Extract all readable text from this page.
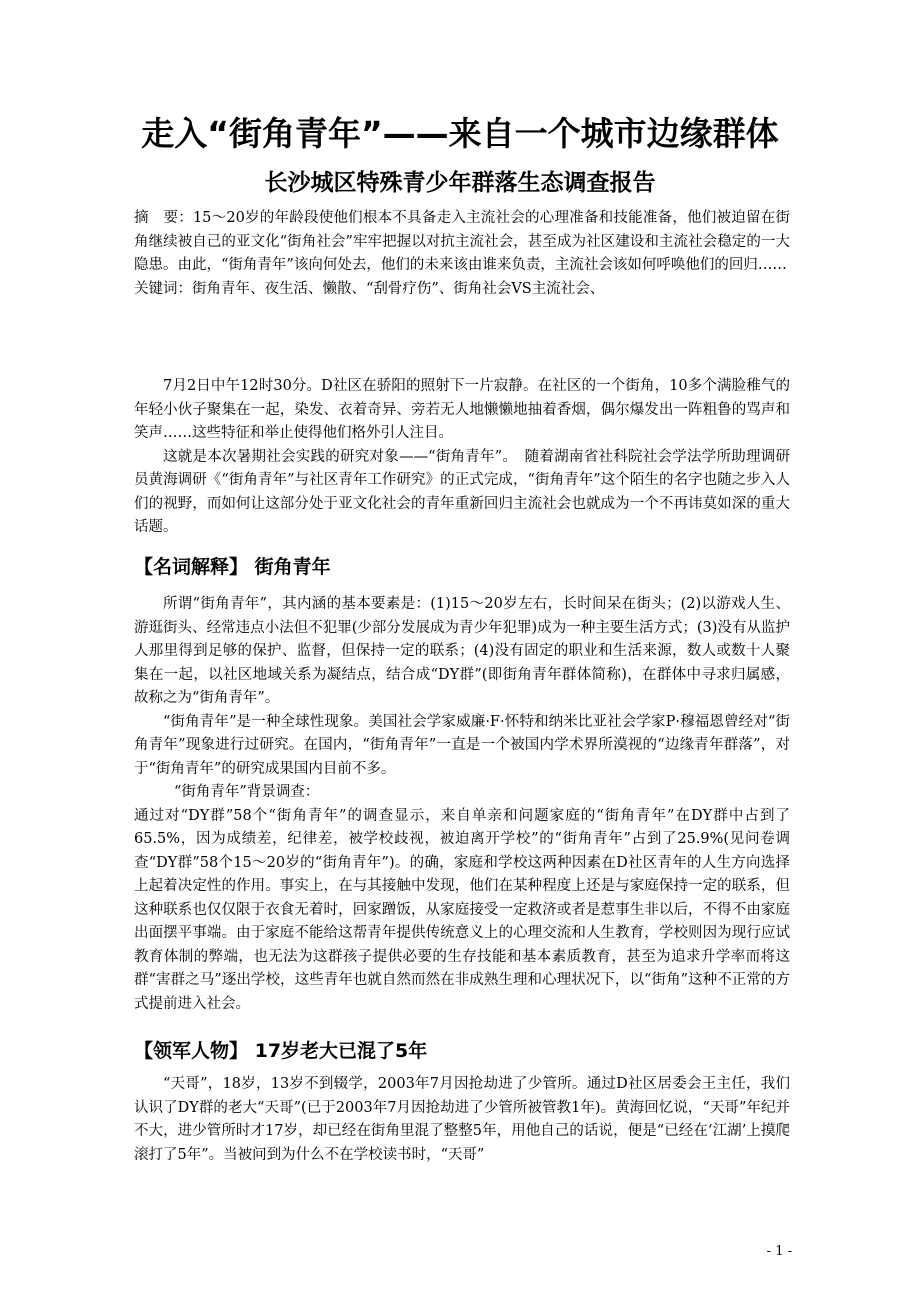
走入“街角青年”——来自一个城市边缘群体
长沙城区特殊青少年群落生态调查报告

摘　要：15～20岁的年龄段使他们根本不具备走入主流社会的心理准备和技能准备，他们被迫留在街角继续被自己的亚文化“街角社会”牢牢把握以对抗主流社会，甚至成为社区建设和主流社会稳定的一大隐患。由此，“街角青年”该向何处去，他们的未来该由谁来负责，主流社会该如何呼唤他们的回归……

关键词：街角青年、夜生活、懒散、“刮骨疗伤”、街角社会VS主流社会、

7月2日中午12时30分。D社区在骄阳的照射下一片寂静。在社区的一个街角，10多个满脸稚气的年轻小伙子聚集在一起，染发、衣着奇异、旁若无人地懒懒地抽着香烟，偶尔爆发出一阵粗鲁的骂声和笑声……这些特征和举止使得他们格外引人注目。

这就是本次暑期社会实践的研究对象——“街角青年”。　随着湖南省社科院社会学法学所助理调研员黄海调研《“街角青年”与社区青年工作研究》的正式完成，“街角青年”这个陌生的名字也随之步入人们的视野，而如何让这部分处于亚文化社会的青年重新回归主流社会也就成为一个不再讳莫如深的重大话题。

【名词解释】 街角青年

所谓“街角青年”，其内涵的基本要素是：(1)15～20岁左右，长时间呆在街头；(2)以游戏人生、游逛街头、经常违点小法但不犯罪(少部分发展成为青少年犯罪)成为一种主要生活方式；(3)没有从监护人那里得到足够的保护、监督，但保持一定的联系；(4)没有固定的职业和生活来源，数人或数十人聚集在一起，以社区地域关系为凝结点，结合成“DY群”(即街角青年群体简称)，在群体中寻求归属感，故称之为“街角青年”。

“街角青年”是一种全球性现象。美国社会学家威廉·F·怀特和纳米比亚社会学家P·穆福恩曾经对“街角青年”现象进行过研究。在国内，“街角青年”一直是一个被国内学术界所漠视的“边缘青年群落”，对于“街角青年”的研究成果国内目前不多。

“街角青年”背景调查：

通过对“DY群”58个“街角青年”的调查显示，来自单亲和问题家庭的“街角青年”在DY群中占到了65.5%，因为成绩差，纪律差，被学校歧视，被迫离开学校”的“街角青年”占到了25.9%(见问卷调查“DY群”58个15～20岁的“街角青年”)。的确，家庭和学校这两种因素在D社区青年的人生方向选择上起着决定性的作用。事实上，在与其接触中发现，他们在某种程度上还是与家庭保持一定的联系，但这种联系也仅仅限于衣食无着时，回家蹭饭，从家庭接受一定救济或者是惹事生非以后，不得不由家庭出面摆平事端。由于家庭不能给这帮青年提供传统意义上的心理交流和人生教育，学校则因为现行应试教育体制的弊端，也无法为这群孩子提供必要的生存技能和基本素质教育，甚至为追求升学率而将这群“害群之马”逐出学校，这些青年也就自然而然在非成熟生理和心理状况下，以“街角”这种不正常的方式提前进入社会。

【领军人物】 17岁老大已混了5年

“天哥”，18岁，13岁不到辍学，2003年7月因抢劫进了少管所。通过D社区居委会王主任，我们认识了DY群的老大“天哥”(已于2003年7月因抢劫进了少管所被管教1年)。黄海回忆说，“天哥”年纪并不大，进少管所时才17岁，却已经在街角里混了整整5年，用他自己的话说，便是“已经在‘江湖’上摸爬滚打了5年”。当被问到为什么不在学校读书时，“天哥”

- 1 -
